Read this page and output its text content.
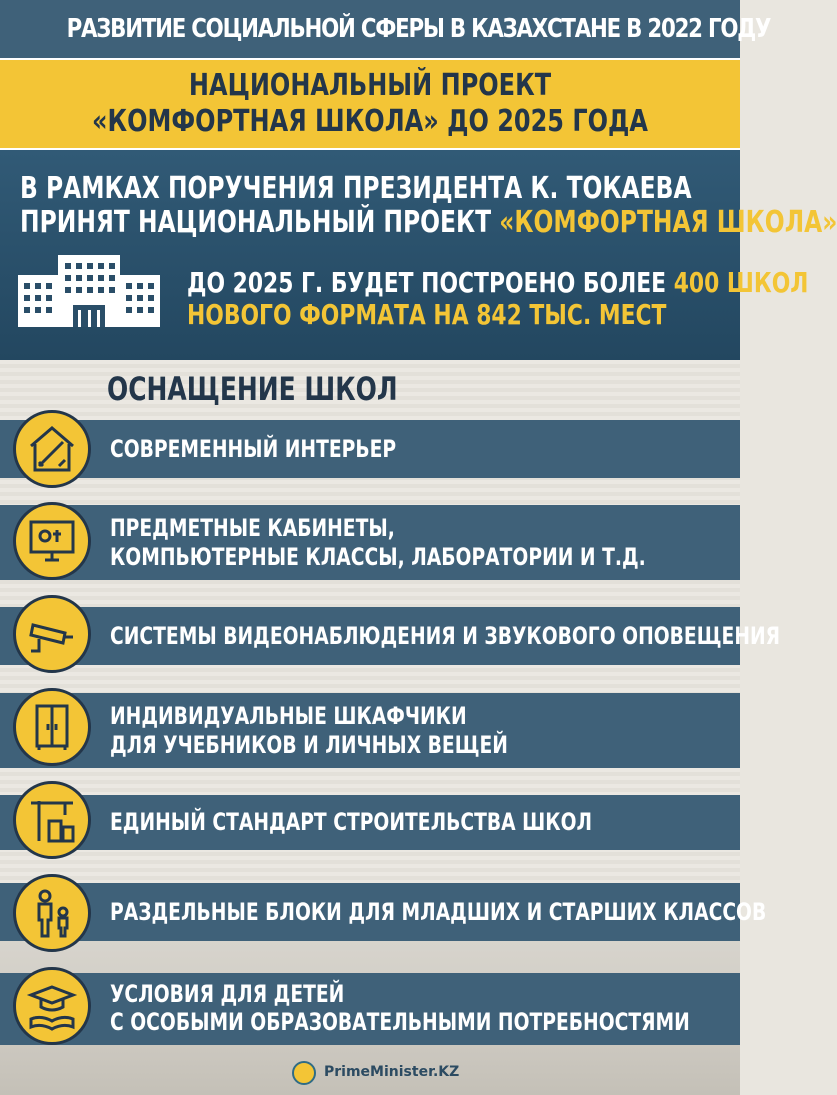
РАЗВИТИЕ СОЦИАЛЬНОЙ СФЕРЫ В КАЗАХСТАНЕ В 2022 ГОДУ
НАЦИОНАЛЬНЫЙ ПРОЕКТ
«КОМФОРТНАЯ ШКОЛА» ДО 2025 ГОДА
В РАМКАХ ПОРУЧЕНИЯ ПРЕЗИДЕНТА К. ТОКАЕВА
ПРИНЯТ НАЦИОНАЛЬНЫЙ ПРОЕКТ «КОМФОРТНАЯ ШКОЛА»
ДО 2025 Г. БУДЕТ ПОСТРОЕНО БОЛЕЕ 400 ШКОЛ
НОВОГО ФОРМАТА НА 842 ТЫС. МЕСТ
ОСНАЩЕНИЕ ШКОЛ
СОВРЕМЕННЫЙ ИНТЕРЬЕР
ПРЕДМЕТНЫЕ КАБИНЕТЫ,
КОМПЬЮТЕРНЫЕ КЛАССЫ, ЛАБОРАТОРИИ И Т.Д.
СИСТЕМЫ ВИДЕОНАБЛЮДЕНИЯ И ЗВУКОВОГО ОПОВЕЩЕНИЯ
ИНДИВИДУАЛЬНЫЕ ШКАФЧИКИ
ДЛЯ УЧЕБНИКОВ И ЛИЧНЫХ ВЕЩЕЙ
ЕДИНЫЙ СТАНДАРТ СТРОИТЕЛЬСТВА ШКОЛ
РАЗДЕЛЬНЫЕ БЛОКИ ДЛЯ МЛАДШИХ И СТАРШИХ КЛАССОВ
УСЛОВИЯ ДЛЯ ДЕТЕЙ
С ОСОБЫМИ ОБРАЗОВАТЕЛЬНЫМИ ПОТРЕБНОСТЯМИ
PrimeMinister.KZ
